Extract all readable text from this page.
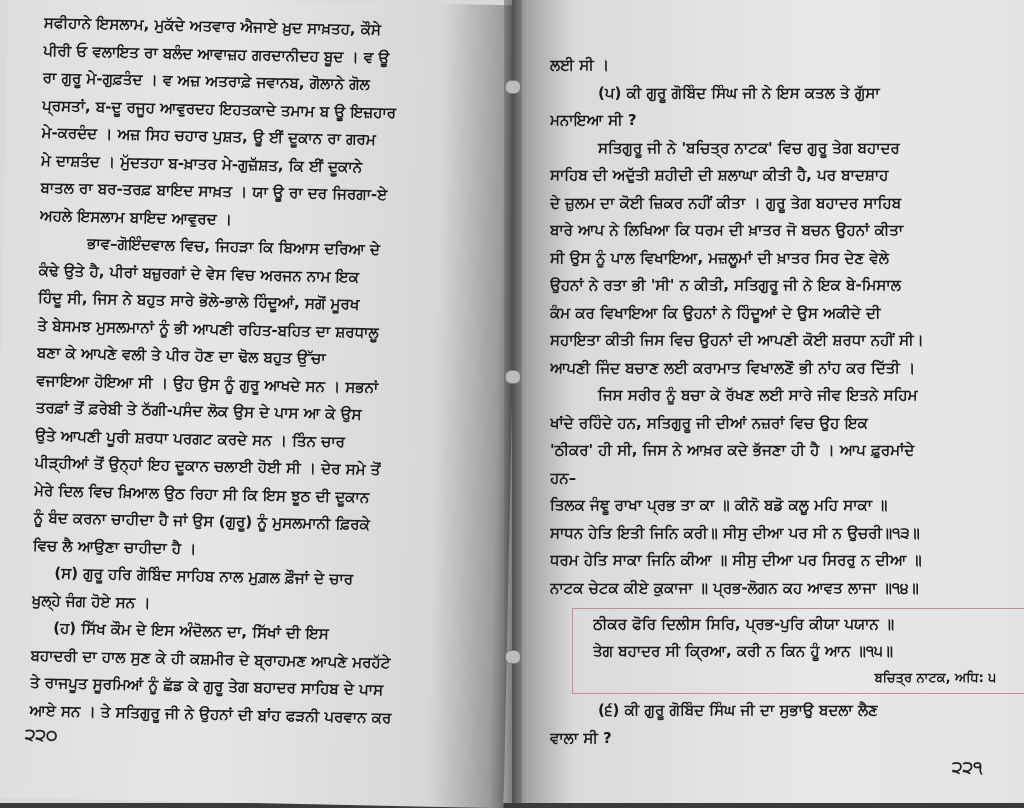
ਸਫੀਹਾਨੇ ਇਸਲਾਮ, ਮੁਕੱਦੇ ਅਤਵਾਰ ਐਜਾਏ ਖ਼ੁਦ ਸਾਖ਼ਤਹ, ਕੌਸੇ
ਪੀਰੀ ਓ ਵਲਾਇਤ ਰਾ ਬਲੰਦ ਆਵਾਜ਼ਹ ਗਰਦਾਨੀਦਹ ਬੂਦ । ਵ ਊ
ਰਾ ਗੁਰੂ ਮੇ-ਗੁਫ਼ਤੰਦ । ਵ ਅਜ਼ ਅਤਰਾਫ਼ੇ ਜਵਾਨਬ, ਗੋਲਾਨੇ ਗੋਲ
ਪ੍ਰਸਤਾਂ, ਬ-ਦੂ ਰਜੂਹ ਆਵੁਰਦਹ ਇਹਤਕਾਦੇ ਤਮਾਮ ਬ ਊ ਇਜ਼ਹਾਰ
ਮੇ-ਕਰਦੰਦ । ਅਜ਼ ਸਿਹ ਚਹਾਰ ਪੁਸ਼ਤ, ਊ ਈਂ ਦੂਕਾਨ ਰਾ ਗਰਮ
ਮੇ ਦਾਸ਼ਤੰਦ । ਮੁੱਦਤਹਾ ਬ-ਖ਼ਾਤਰ ਮੇ-ਗੁਜ਼ੱਸ਼ਤ, ਕਿ ਈਂ ਦੂਕਾਨੇ
ਬਾਤਲ ਰਾ ਬਰ-ਤਰਫ਼ ਬਾਇਦ ਸਾਖ਼ਤ । ਯਾ ਊ ਰਾ ਦਰ ਜਿਰਗਾ-ਏ
ਅਹਲੇ ਇਸਲਾਮ ਬਾਇਦ ਆਵੁਰਦ ।
ਭਾਵ–ਗੋਇੰਦਵਾਲ ਵਿਚ, ਜਿਹੜਾ ਕਿ ਬਿਆਸ ਦਰਿਆ ਦੇ
ਕੰਢੇ ਉਤੇ ਹੈ, ਪੀਰਾਂ ਬਜ਼ੁਰਗਾਂ ਦੇ ਵੇਸ ਵਿਚ ਅਰਜਨ ਨਾਮ ਇਕ
ਹਿੰਦੂ ਸੀ, ਜਿਸ ਨੇ ਬਹੁਤ ਸਾਰੇ ਭੋਲੇ-ਭਾਲੇ ਹਿੰਦੂਆਂ, ਸਗੋਂ ਮੂਰਖ
ਤੇ ਬੇਸਮਝ ਮੁਸਲਮਾਨਾਂ ਨੂੰ ਭੀ ਆਪਣੀ ਰਹਿਤ-ਬਹਿਤ ਦਾ ਸ਼ਰਧਾਲੂ
ਬਣਾ ਕੇ ਆਪਣੇ ਵਲੀ ਤੇ ਪੀਰ ਹੋਣ ਦਾ ਢੋਲ ਬਹੁਤ ਉੱਚਾ
ਵਜਾਇਆ ਹੋਇਆ ਸੀ । ਉਹ ਉਸ ਨੂੰ ਗੁਰੂ ਆਖਦੇ ਸਨ । ਸਭਨਾਂ
ਤਰਫ਼ਾਂ ਤੋਂ ਫ਼ਰੇਬੀ ਤੇ ਠੱਗੀ-ਪਸੰਦ ਲੋਕ ਉਸ ਦੇ ਪਾਸ ਆ ਕੇ ਉਸ
ਉਤੇ ਆਪਣੀ ਪੂਰੀ ਸ਼ਰਧਾ ਪਰਗਟ ਕਰਦੇ ਸਨ । ਤਿੰਨ ਚਾਰ
ਪੀੜ੍ਹੀਆਂ ਤੋਂ ਉਨ੍ਹਾਂ ਇਹ ਦੂਕਾਨ ਚਲਾਈ ਹੋਈ ਸੀ । ਦੇਰ ਸਮੇ ਤੋਂ
ਮੇਰੇ ਦਿਲ ਵਿਚ ਖ਼ਿਆਲ ਉਠ ਰਿਹਾ ਸੀ ਕਿ ਇਸ ਝੂਠ ਦੀ ਦੂਕਾਨ
ਨੂੰ ਬੰਦ ਕਰਨਾ ਚਾਹੀਦਾ ਹੈ ਜਾਂ ਉਸ (ਗੁਰੂ) ਨੂੰ ਮੁਸਲਮਾਨੀ ਫ਼ਿਰਕੇ
ਵਿਚ ਲੈ ਆਉਣਾ ਚਾਹੀਦਾ ਹੈ ।
(ਸ) ਗੁਰੂ ਹਰਿ ਗੋਬਿੰਦ ਸਾਹਿਬ ਨਾਲ ਮੁਗ਼ਲ ਫ਼ੌਜਾਂ ਦੇ ਚਾਰ
ਖੁਲ੍ਹੇ ਜੰਗ ਹੋਏ ਸਨ ।
(ਹ) ਸਿੱਖ ਕੌਮ ਦੇ ਇਸ ਅੰਦੋਲਨ ਦਾ, ਸਿੱਖਾਂ ਦੀ ਇਸ
ਬਹਾਦਰੀ ਦਾ ਹਾਲ ਸੁਣ ਕੇ ਹੀ ਕਸ਼ਮੀਰ ਦੇ ਬ੍ਰਾਹਮਣ ਆਪਣੇ ਮਰਹੱਟੇ
ਤੇ ਰਾਜਪੂਤ ਸੂਰਮਿਆਂ ਨੂੰ ਛੱਡ ਕੇ ਗੁਰੂ ਤੇਗ ਬਹਾਦਰ ਸਾਹਿਬ ਦੇ ਪਾਸ
ਆਏ ਸਨ । ਤੇ ਸਤਿਗੁਰੂ ਜੀ ਨੇ ਉਹਨਾਂ ਦੀ ਬਾਂਹ ਫੜਨੀ ਪਰਵਾਨ ਕਰ
੨੨੦
ਲਈ ਸੀ ।
(ਪ) ਕੀ ਗੁਰੂ ਗੋਬਿੰਦ ਸਿੰਘ ਜੀ ਨੇ ਇਸ ਕਤਲ ਤੇ ਗੁੱਸਾ
ਮਨਾਇਆ ਸੀ ?
ਸਤਿਗੁਰੂ ਜੀ ਨੇ 'ਬਚਿਤ੍ਰ ਨਾਟਕ' ਵਿਚ ਗੁਰੂ ਤੇਗ ਬਹਾਦਰ
ਸਾਹਿਬ ਦੀ ਅਦੁੱਤੀ ਸ਼ਹੀਦੀ ਦੀ ਸ਼ਲਾਘਾ ਕੀਤੀ ਹੈ, ਪਰ ਬਾਦਸ਼ਾਹ
ਦੇ ਜ਼ੁਲਮ ਦਾ ਕੋਈ ਜ਼ਿਕਰ ਨਹੀਂ ਕੀਤਾ । ਗੁਰੂ ਤੇਗ ਬਹਾਦਰ ਸਾਹਿਬ
ਬਾਰੇ ਆਪ ਨੇ ਲਿਖਿਆ ਕਿ ਧਰਮ ਦੀ ਖ਼ਾਤਰ ਜੋ ਬਚਨ ਉਹਨਾਂ ਕੀਤਾ
ਸੀ ਉਸ ਨੂੰ ਪਾਲ ਵਿਖਾਇਆ, ਮਜ਼ਲੂਮਾਂ ਦੀ ਖ਼ਾਤਰ ਸਿਰ ਦੇਣ ਵੇਲੇ
ਉਹਨਾਂ ਨੇ ਰਤਾ ਭੀ 'ਸੀ' ਨ ਕੀਤੀ, ਸਤਿਗੁਰੂ ਜੀ ਨੇ ਇਕ ਬੇ-ਮਿਸਾਲ
ਕੰਮ ਕਰ ਵਿਖਾਇਆ ਕਿ ਉਹਨਾਂ ਨੇ ਹਿੰਦੂਆਂ ਦੇ ਉਸ ਅਕੀਦੇ ਦੀ
ਸਹਾਇਤਾ ਕੀਤੀ ਜਿਸ ਵਿਚ ਉਹਨਾਂ ਦੀ ਆਪਣੀ ਕੋਈ ਸ਼ਰਧਾ ਨਹੀਂ ਸੀ।
ਆਪਣੀ ਜਿੰਦ ਬਚਾਣ ਲਈ ਕਰਾਮਾਤ ਵਿਖਾਲਣੋਂ ਭੀ ਨਾਂਹ ਕਰ ਦਿੱਤੀ ।
ਜਿਸ ਸਰੀਰ ਨੂੰ ਬਚਾ ਕੇ ਰੱਖਣ ਲਈ ਸਾਰੇ ਜੀਵ ਇਤਨੇ ਸਹਿਮ
ਖਾਂਦੇ ਰਹਿੰਦੇ ਹਨ, ਸਤਿਗੁਰੂ ਜੀ ਦੀਆਂ ਨਜ਼ਰਾਂ ਵਿਚ ਉਹ ਇਕ
'ਠੀਕਰ' ਹੀ ਸੀ, ਜਿਸ ਨੇ ਆਖ਼ਰ ਕਦੇ ਭੱਜਣਾ ਹੀ ਹੈ । ਆਪ ਫ਼ੁਰਮਾਂਦੇ
ਹਨ–
ਤਿਲਕ ਜੰਞੂ ਰਾਖਾ ਪ੍ਰਭ ਤਾ ਕਾ ॥ ਕੀਨੋ ਬਡੋ ਕਲੂ ਮਹਿ ਸਾਕਾ ॥
ਸਾਧਨ ਹੇਤਿ ਇਤੀ ਜਿਨਿ ਕਰੀ॥ ਸੀਸੁ ਦੀਆ ਪਰ ਸੀ ਨ ਉਚਰੀ॥੧੩॥
ਧਰਮ ਹੇਤਿ ਸਾਕਾ ਜਿਨਿ ਕੀਆ ॥ ਸੀਸੁ ਦੀਆ ਪਰ ਸਿਰਰੁ ਨ ਦੀਆ ॥
ਨਾਟਕ ਚੇਟਕ ਕੀਏ ਕੁਕਾਜਾ ॥ ਪ੍ਰਭ-ਲੋਗਨ ਕਹ ਆਵਤ ਲਾਜਾ ॥੧੪॥
ਠੀਕਰ ਫੋਰਿ ਦਿਲੀਸ ਸਿਰਿ, ਪ੍ਰਭ-ਪੁਰਿ ਕੀਯਾ ਪਯਾਨ ॥
ਤੇਗ ਬਹਾਦਰ ਸੀ ਕ੍ਰਿਆ, ਕਰੀ ਨ ਕਿਨ ਹੂੰ ਆਨ ॥੧੫॥
ਬਚਿਤ੍ਰ ਨਾਟਕ, ਅਧਿ: ੫
(੬) ਕੀ ਗੁਰੂ ਗੋਬਿੰਦ ਸਿੰਘ ਜੀ ਦਾ ਸੁਭਾਉ ਬਦਲਾ ਲੈਣ
ਵਾਲਾ ਸੀ ?
੨੨੧
